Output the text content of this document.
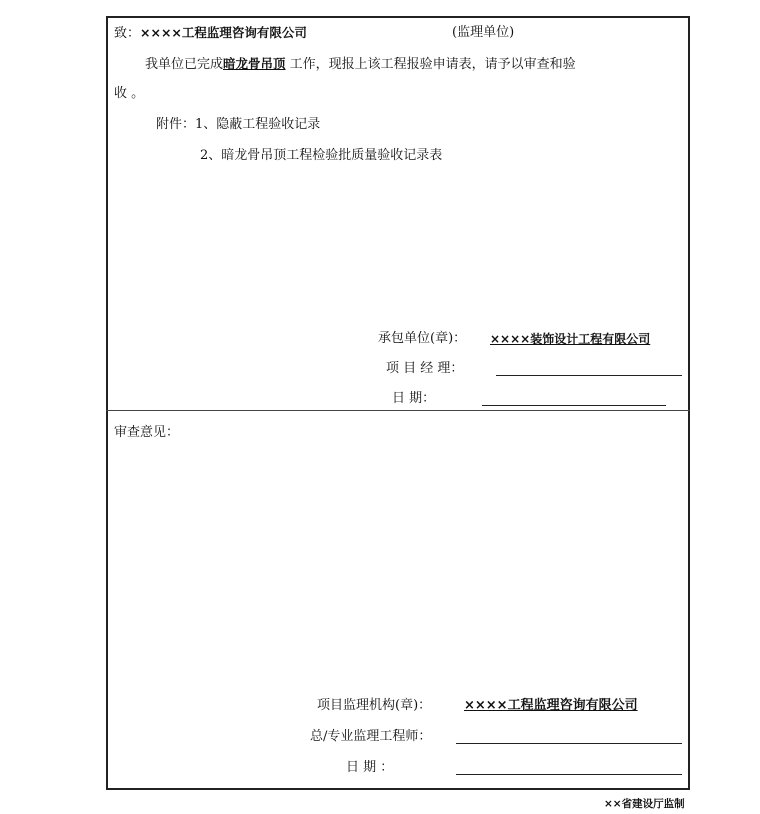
致：××××工程监理咨询有限公司	(监理单位)
我单位已完成暗龙骨吊顶 工作，现报上该工程报验申请表，请予以审查和验
收 。
附件：1、隐蔽工程验收记录
2、暗龙骨吊顶工程检验批质量验收记录表
承包单位(章)： ××××装饰设计工程有限公司
项 目 经 理：
日 期：
审查意见：
项目监理机构(章)：	××××工程监理咨询有限公司
总/专业监理工程师：
日 期 ：
××省建设厅监制
